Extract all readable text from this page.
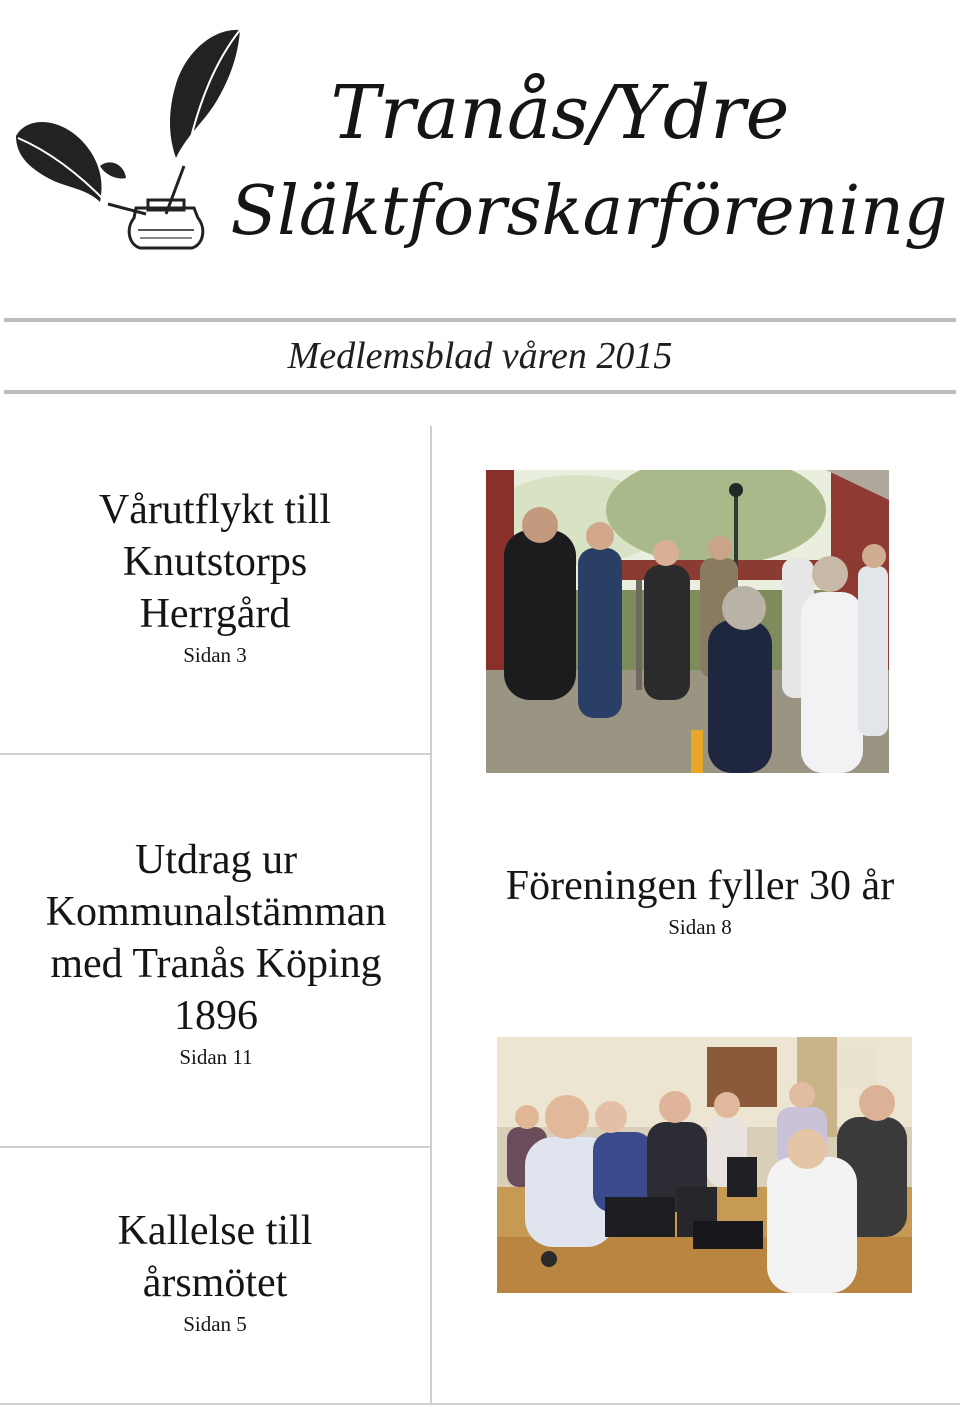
Tranås/Ydre
Släktforskarförening
Medlemsblad våren 2015
Vårutflykt till
Knutstorps
Herrgård
Sidan 3
Utdrag ur
Kommunalstämman
med Tranås Köping
1896
Sidan 11
Föreningen fyller 30 år
Sidan 8
Kallelse till
årsmötet
Sidan 5
